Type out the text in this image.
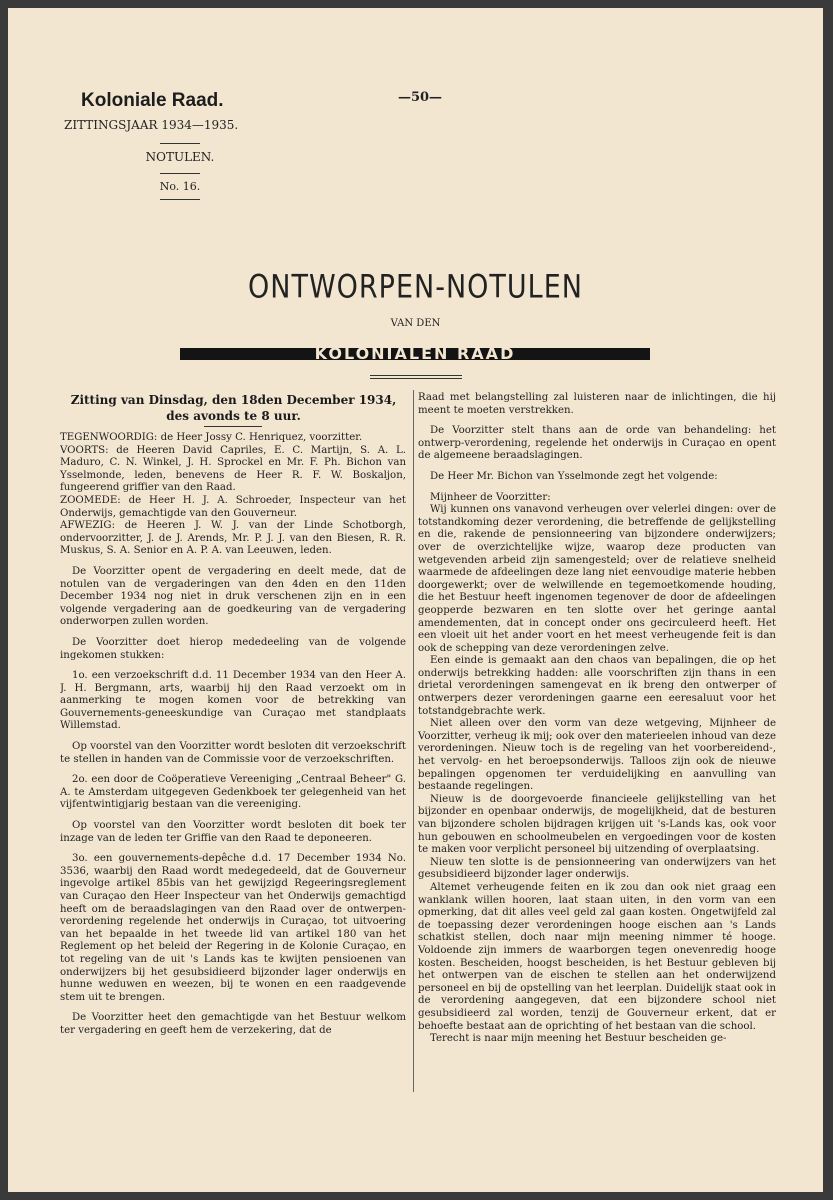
Koloniale Raad.
ZITTINGSJAAR 1934—1935.
—50—
NOTULEN.
No. 16.
ONTWORPEN-NOTULEN
VAN DEN
KOLONIALEN RAAD
Zitting van Dinsdag, den 18den December 1934,
des avonds te 8 uur.

TEGENWOORDIG: de Heer Jossy C. Henriquez, voorzitter.

VOORTS: de Heeren David Capriles, E. C. Martijn, S. A. L. Maduro, C. N. Winkel, J. H. Sprockel en Mr. F. Ph. Bichon van Ysselmonde, leden, benevens de Heer R. F. W. Boskaljon, fungeerend griffier van den Raad.

ZOOMEDE: de Heer H. J. A. Schroeder, Inspecteur van het Onderwijs, gemachtigde van den Gouverneur.

AFWEZIG: de Heeren J. W. J. van der Linde Schotborgh, ondervoorzitter, J. de J. Arends, Mr. P. J. J. van den Biesen, R. R. Muskus, S. A. Senior en A. P. A. van Leeuwen, leden.

De Voorzitter opent de vergadering en deelt mede, dat de notulen van de vergaderingen van den 4den en den 11den December 1934 nog niet in druk verschenen zijn en in een volgende vergadering aan de goedkeuring van de vergadering onderworpen zullen worden.

De Voorzitter doet hierop mededeeling van de volgende ingekomen stukken:

1o. een verzoekschrift d.d. 11 December 1934 van den Heer A. J. H. Bergmann, arts, waarbij hij den Raad verzoekt om in aanmerking te mogen komen voor de betrekking van Gouvernements-geneeskundige van Curaçao met standplaats Willemstad.

Op voorstel van den Voorzitter wordt besloten dit verzoekschrift te stellen in handen van de Commissie voor de verzoekschriften.

2o. een door de Coöperatieve Vereeniging „Centraal Beheer" G. A. te Amsterdam uitgegeven Gedenkboek ter gelegenheid van het vijfentwintigjarig bestaan van die vereeniging.

Op voorstel van den Voorzitter wordt besloten dit boek ter inzage van de leden ter Griffie van den Raad te deponeeren.

3o. een gouvernements-depêche d.d. 17 December 1934 No. 3536, waarbij den Raad wordt medegedeeld, dat de Gouverneur ingevolge artikel 85bis van het gewijzigd Regeeringsreglement van Curaçao den Heer Inspecteur van het Onderwijs gemachtigd heeft om de beraadslagingen van den Raad over de ontwerpen-verordening regelende het onderwijs in Curaçao, tot uitvoering van het bepaalde in het tweede lid van artikel 180 van het Reglement op het beleid der Regering in de Kolonie Curaçao, en tot regeling van de uit 's Lands kas te kwijten pensioenen van onderwijzers bij het gesubsidieerd bijzonder lager onderwijs en hunne weduwen en weezen, bij te wonen en een raadgevende stem uit te brengen.

De Voorzitter heet den gemachtigde van het Bestuur welkom ter vergadering en geeft hem de verzekering, dat de

Raad met belangstelling zal luisteren naar de inlichtingen, die hij meent te moeten verstrekken.

De Voorzitter stelt thans aan de orde van behandeling: het ontwerp-verordening, regelende het onderwijs in Curaçao en opent de algemeene beraadslagingen.

De Heer Mr. Bichon van Ysselmonde zegt het volgende:

Mijnheer de Voorzitter:

Wij kunnen ons vanavond verheugen over velerlei dingen: over de totstandkoming dezer verordening, die betreffende de gelijkstelling en die, rakende de pensionneering van bijzondere onderwijzers; over de overzichtelijke wijze, waarop deze producten van wetgevenden arbeid zijn samengesteld; over de relatieve snelheid waarmede de afdeelingen deze lang niet eenvoudige materie hebben doorgewerkt; over de welwillende en tegemoetkomende houding, die het Bestuur heeft ingenomen tegenover de door de afdeelingen geopperde bezwaren en ten slotte over het geringe aantal amendementen, dat in concept onder ons gecirculeerd heeft. Het een vloeit uit het ander voort en het meest verheugende feit is dan ook de schepping van deze verordeningen zelve.

Een einde is gemaakt aan den chaos van bepalingen, die op het onderwijs betrekking hadden: alle voorschriften zijn thans in een drietal verordeningen samengevat en ik breng den ontwerper of ontwerpers dezer verordeningen gaarne een eeresaluut voor het totstandgebrachte werk.

Niet alleen over den vorm van deze wetgeving, Mijnheer de Voorzitter, verheug ik mij; ook over den materieelen inhoud van deze verordeningen. Nieuw toch is de regeling van het voorbereidend-, het vervolg- en het beroepsonderwijs. Talloos zijn ook de nieuwe bepalingen opgenomen ter verduidelijking en aanvulling van bestaande regelingen.

Nieuw is de doorgevoerde financieele gelijkstelling van het bijzonder en openbaar onderwijs, de mogelijkheid, dat de besturen van bijzondere scholen bijdragen krijgen uit 's-Lands kas, ook voor hun gebouwen en schoolmeubelen en vergoedingen voor de kosten te maken voor verplicht personeel bij uitzending of overplaatsing.

Nieuw ten slotte is de pensionneering van onderwijzers van het gesubsidieerd bijzonder lager onderwijs.

Altemet verheugende feiten en ik zou dan ook niet graag een wanklank willen hooren, laat staan uiten, in den vorm van een opmerking, dat dit alles veel geld zal gaan kosten. Ongetwijfeld zal de toepassing dezer verordeningen hooge eischen aan 's Lands schatkist stellen, doch naar mijn meening nimmer té hooge. Voldoende zijn immers de waarborgen tegen onevenredig hooge kosten. Bescheiden, hoogst bescheiden, is het Bestuur gebleven bij het ontwerpen van de eischen te stellen aan het onderwijzend personeel en bij de opstelling van het leerplan. Duidelijk staat ook in de verordening aangegeven, dat een bijzondere school niet gesubsidieerd zal worden, tenzij de Gouverneur erkent, dat er behoefte bestaat aan de oprichting of het bestaan van die school.

Terecht is naar mijn meening het Bestuur bescheiden ge-
